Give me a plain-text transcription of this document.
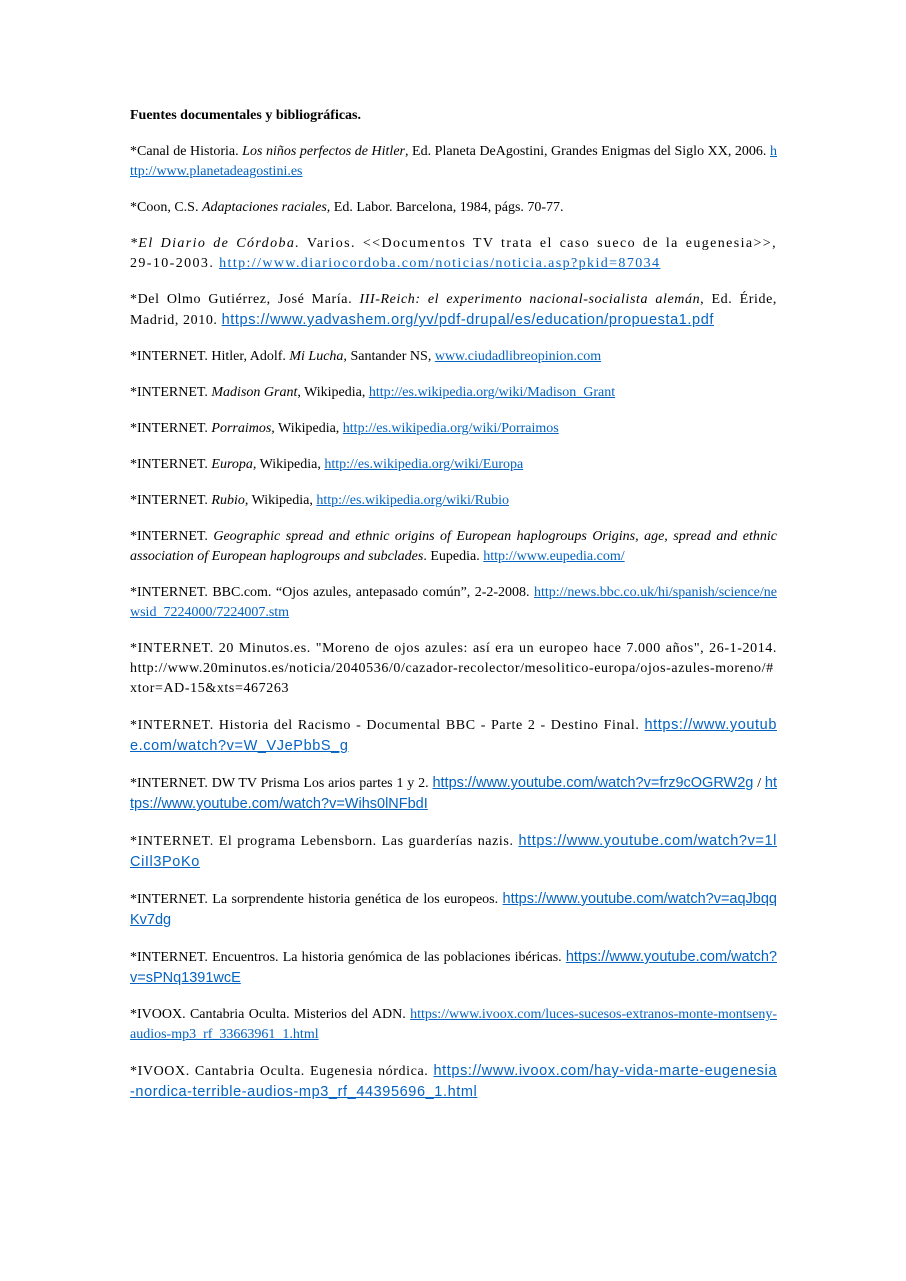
Fuentes documentales y bibliográficas.

*Canal de Historia. Los niños perfectos de Hitler, Ed. Planeta DeAgostini, Grandes Enigmas del Siglo XX, 2006. http://www.planetadeagostini.es

*Coon, C.S. Adaptaciones raciales, Ed. Labor. Barcelona, 1984, págs. 70-77.

*El Diario de Córdoba. Varios. <<Documentos TV trata el caso sueco de la eugenesia>>, 29-10-2003. http://www.diariocordoba.com/noticias/noticia.asp?pkid=87034

*Del Olmo Gutiérrez, José María. III-Reich: el experimento nacional-socialista alemán, Ed. Éride, Madrid, 2010. https://www.yadvashem.org/yv/pdf-drupal/es/education/propuesta1.pdf

*INTERNET. Hitler, Adolf. Mi Lucha, Santander NS, www.ciudadlibreopinion.com

*INTERNET. Madison Grant, Wikipedia, http://es.wikipedia.org/wiki/Madison_Grant

*INTERNET. Porraimos, Wikipedia, http://es.wikipedia.org/wiki/Porraimos

*INTERNET. Europa, Wikipedia, http://es.wikipedia.org/wiki/Europa

*INTERNET. Rubio, Wikipedia, http://es.wikipedia.org/wiki/Rubio

*INTERNET. Geographic spread and ethnic origins of European haplogroups Origins, age, spread and ethnic association of European haplogroups and subclades. Eupedia. http://www.eupedia.com/

*INTERNET. BBC.com. “Ojos azules, antepasado común”, 2-2-2008. http://news.bbc.co.uk/hi/spanish/science/newsid_7224000/7224007.stm

*INTERNET. 20 Minutos.es. "Moreno de ojos azules: así era un europeo hace 7.000 años", 26-1-2014. http://www.20minutos.es/noticia/2040536/0/cazador-recolector/mesolitico-europa/ojos-azules-moreno/#xtor=AD-15&xts=467263

*INTERNET. Historia del Racismo - Documental BBC - Parte 2 - Destino Final. https://www.youtube.com/watch?v=W_VJePbbS_g

*INTERNET. DW TV Prisma Los arios partes 1 y 2. https://www.youtube.com/watch?v=frz9cOGRW2g / https://www.youtube.com/watch?v=Wihs0lNFbdI

*INTERNET. El programa Lebensborn. Las guarderías nazis. https://www.youtube.com/watch?v=1lCiIl3PoKo

*INTERNET. La sorprendente historia genética de los europeos. https://www.youtube.com/watch?v=aqJbqqKv7dg

*INTERNET. Encuentros. La historia genómica de las poblaciones ibéricas. https://www.youtube.com/watch?v=sPNq1391wcE

*IVOOX. Cantabria Oculta. Misterios del ADN. https://www.ivoox.com/luces-sucesos-extranos-monte-montseny-audios-mp3_rf_33663961_1.html

*IVOOX. Cantabria Oculta. Eugenesia nórdica. https://www.ivoox.com/hay-vida-marte-eugenesia-nordica-terrible-audios-mp3_rf_44395696_1.html
